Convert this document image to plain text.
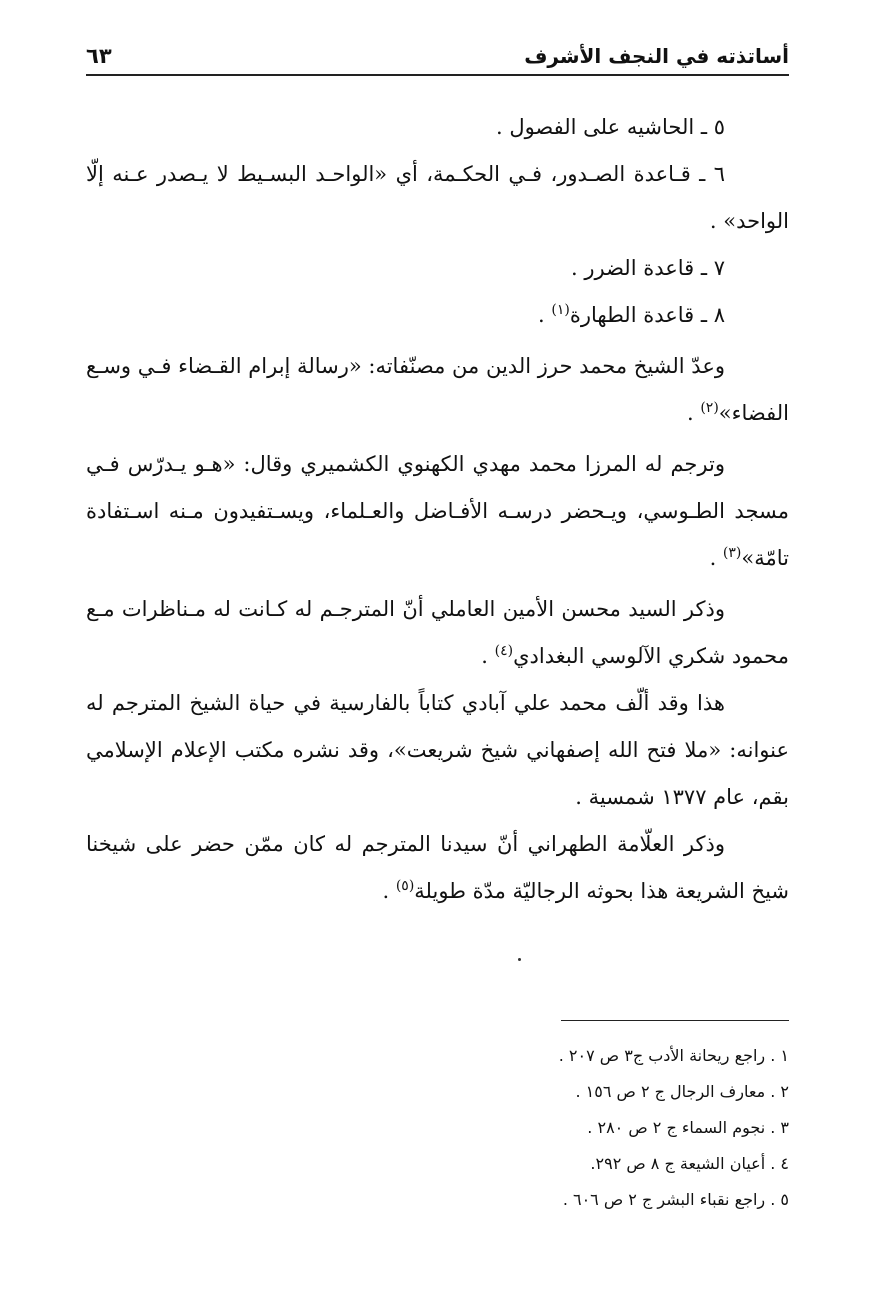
أساتذته في النجف الأشرف
٦٣

٥ ـ الحاشيه على الفصول .

٦ ـ قـاعدة الصـدور، فـي الحكـمة، أي «الواحـد البسـيط لا يـصدر عـنه إلّا الواحد» .

٧ ـ قاعدة الضرر .

٨ ـ قاعدة الطهارة$^{(١)}$ .

وعدّ الشيخ محمد حرز الدين من مصنّفاته: «رسالة إبرام القـضاء فـي وسـع الفضاء»$^{(٢)}$ .

وترجم له المرزا محمد مهدي الكهنوي الكشميري وقال: «هـو يـدرّس فـي مسجد الطـوسي، ويـحضر درسـه الأفـاضل والعـلماء، ويسـتفيدون مـنه اسـتفادة تامّة»$^{(٣)}$ .

وذكر السيد محسن الأمين العاملي أنّ المترجـم له كـانت له مـناظرات مـع محمود شكري الآلوسي البغدادي$^{(٤)}$ .

هذا وقد ألّف محمد علي آبادي كتاباً بالفارسية في حياة الشيخ المترجم له عنوانه: «ملا فتح الله إصفهاني شيخ شريعت»، وقد نشره مكتب الإعلام الإسلامي بقم، عام ١٣٧٧ شمسية .

وذكر العلّامة الطهراني أنّ سيدنا المترجم له كان ممّن حضر على شيخنا شيخ الشريعة هذا بحوثه الرجاليّة مدّة طويلة$^{(٥)}$ .

١ . راجع ريحانة الأدب ج٣ ص ٢٠٧ .

٢ . معارف الرجال ج ٢ ص ١٥٦ .

٣ . نجوم السماء ج ٢ ص ٢٨٠ .

٤ . أعيان الشيعة ج ٨ ص ٢٩٢.

٥ . راجع نقباء البشر ج ٢ ص ٦٠٦ .
